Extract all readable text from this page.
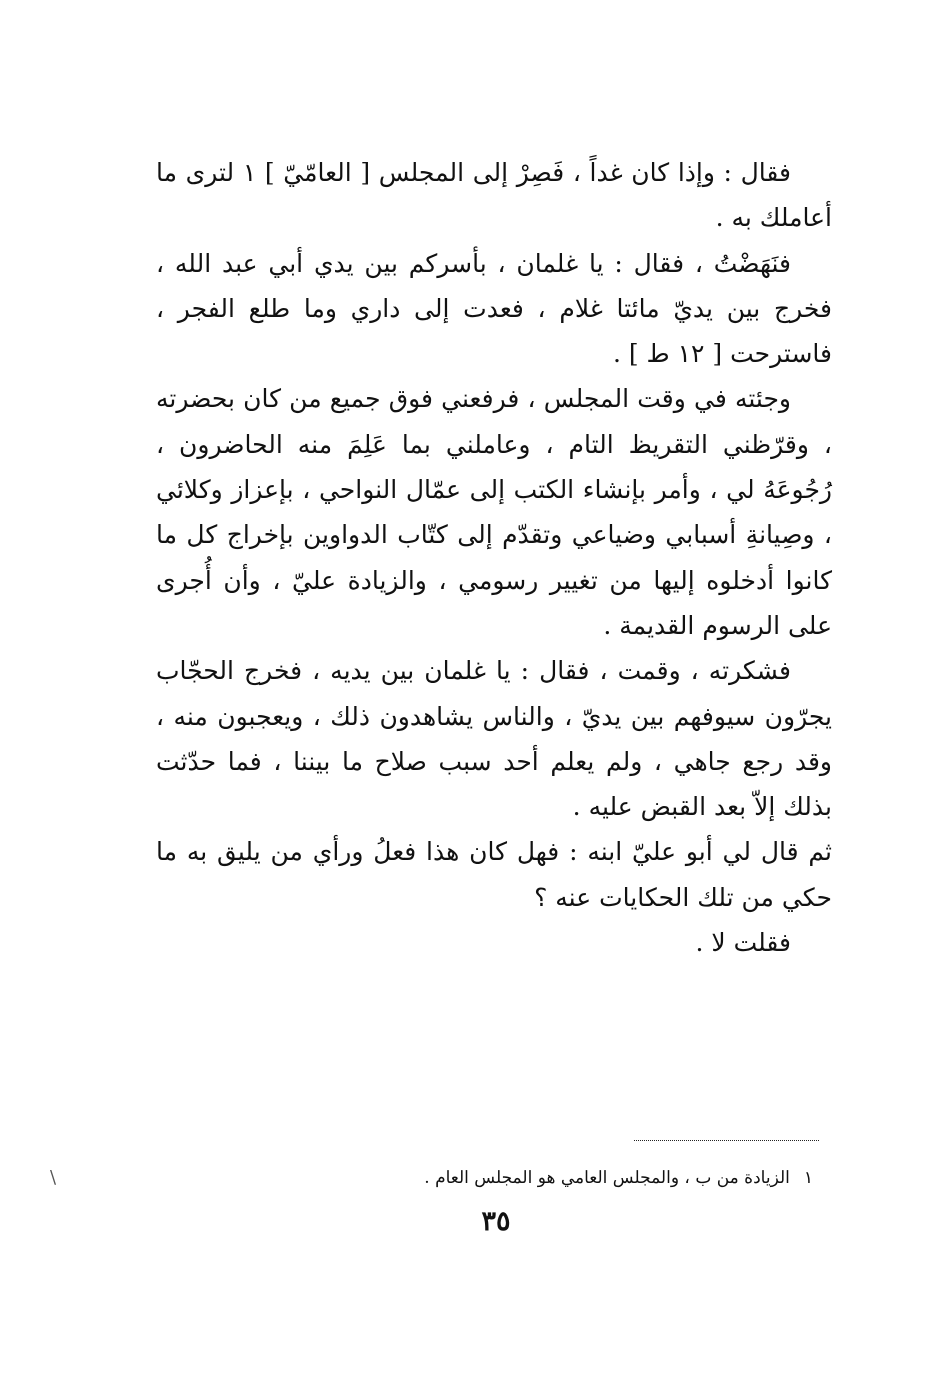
فقال : وإذا كان غداً ، فَصِرْ إلى المجلس [ العامّيّ ] ١ لترى ما أعاملك به .

فنَهَضْتُ ، فقال : يا غلمان ، بأسركم بين يدي أبي عبد الله ، فخرج بين يديّ مائتا غلام ، فعدت إلى داري وما طلع الفجر ، فاسترحت [ ١٢ ط ] .

وجئته في وقت المجلس ، فرفعني فوق جميع من كان بحضرته ، وقرّظني التقريظ التام ، وعاملني بما عَلِمَ منه الحاضرون ، رُجُوعَهُ لي ، وأمر بإنشاء الكتب إلى عمّال النواحي ، بإعزاز وكلائي ، وصِيانةِ أسبابي وضياعي وتقدّم إلى كتّاب الدواوين بإخراج كل ما كانوا أدخلوه إليها من تغيير رسومي ، والزيادة عليّ ، وأن أُجرى على الرسوم القديمة .

فشكرته ، وقمت ، فقال : يا غلمان بين يديه ، فخرج الحجّاب يجرّون سيوفهم بين يديّ ، والناس يشاهدون ذلك ، ويعجبون منه ، وقد رجع جاهي ، ولم يعلم أحد سبب صلاح ما بيننا ، فما حدّثت بذلك إلاّ بعد القبض عليه .

ثم قال لي أبو عليّ ابنه : فهل كان هذا فعلُ ورأي من يليق به ما حكي من تلك الحكايات عنه ؟

فقلت لا .

١الزيادة من ب ، والمجلس العامي هو المجلس العام .
٣٥
\
